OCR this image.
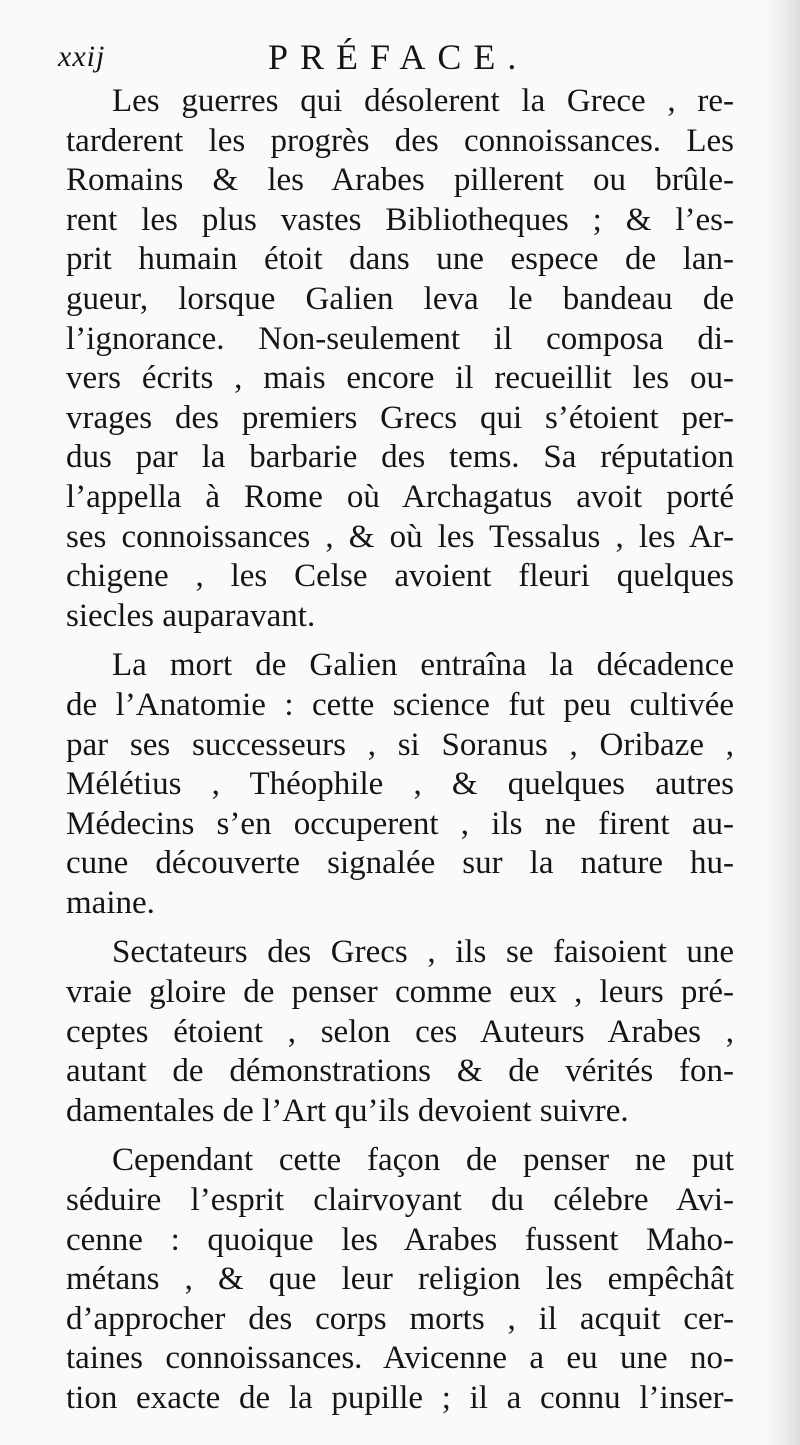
xxij	PRÉFACE.
Les guerres qui désolerent la Grece , re-
tarderent les progrès des connoissances. Les
Romains & les Arabes pillerent ou brûle-
rent les plus vastes Bibliotheques ; & l’es-
prit humain étoit dans une espece de lan-
gueur, lorsque Galien leva le bandeau de
l’ignorance. Non-seulement il composa di-
vers écrits , mais encore il recueillit les ou-
vrages des premiers Grecs qui s’étoient per-
dus par la barbarie des tems. Sa réputation
l’appella à Rome où Archagatus avoit porté
ses connoissances , & où les Tessalus , les Ar-
chigene , les Celse avoient fleuri quelques
siecles auparavant.
La mort de Galien entraîna la décadence
de l’Anatomie : cette science fut peu cultivée
par ses successeurs , si Soranus , Oribaze ,
Mélétius , Théophile , & quelques autres
Médecins s’en occuperent , ils ne firent au-
cune découverte signalée sur la nature hu-
maine.
Sectateurs des Grecs , ils se faisoient une
vraie gloire de penser comme eux , leurs pré-
ceptes étoient , selon ces Auteurs Arabes ,
autant de démonstrations & de vérités fon-
damentales de l’Art qu’ils devoient suivre.
Cependant cette façon de penser ne put
séduire l’esprit clairvoyant du célebre Avi-
cenne : quoique les Arabes fussent Maho-
métans , & que leur religion les empêchât
d’approcher des corps morts , il acquit cer-
taines connoissances. Avicenne a eu une no-
tion exacte de la pupille ; il a connu l’inser-
